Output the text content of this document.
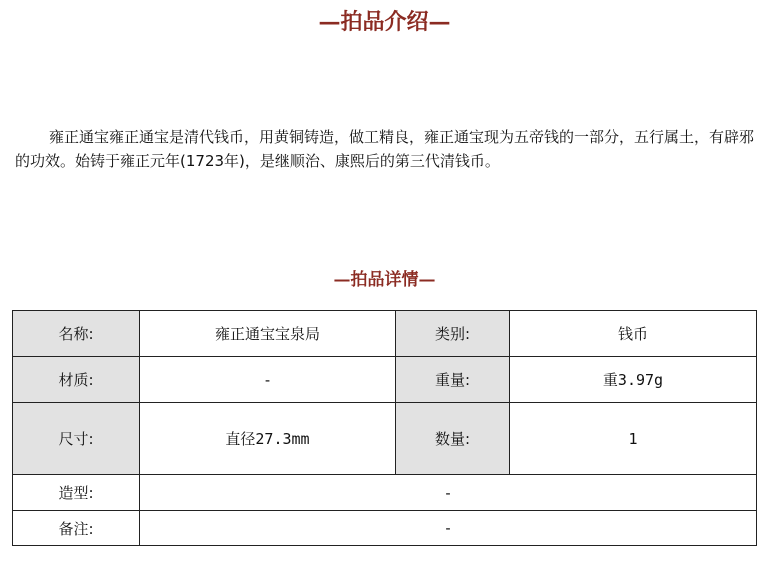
—拍品介绍—

雍正通宝雍正通宝是清代钱币，用黄铜铸造，做工精良，雍正通宝现为五帝钱的一部分，五行属土，有辟邪的功效。始铸于雍正元年(1723年)，是继顺治、康熙后的第三代清钱币。

—拍品详情—
名称:	雍正通宝宝泉局	类别:	钱币
材质:	-	重量:	重3.97g
尺寸:	直径27.3mm	数量:	1
造型:	-		
备注:	-		
